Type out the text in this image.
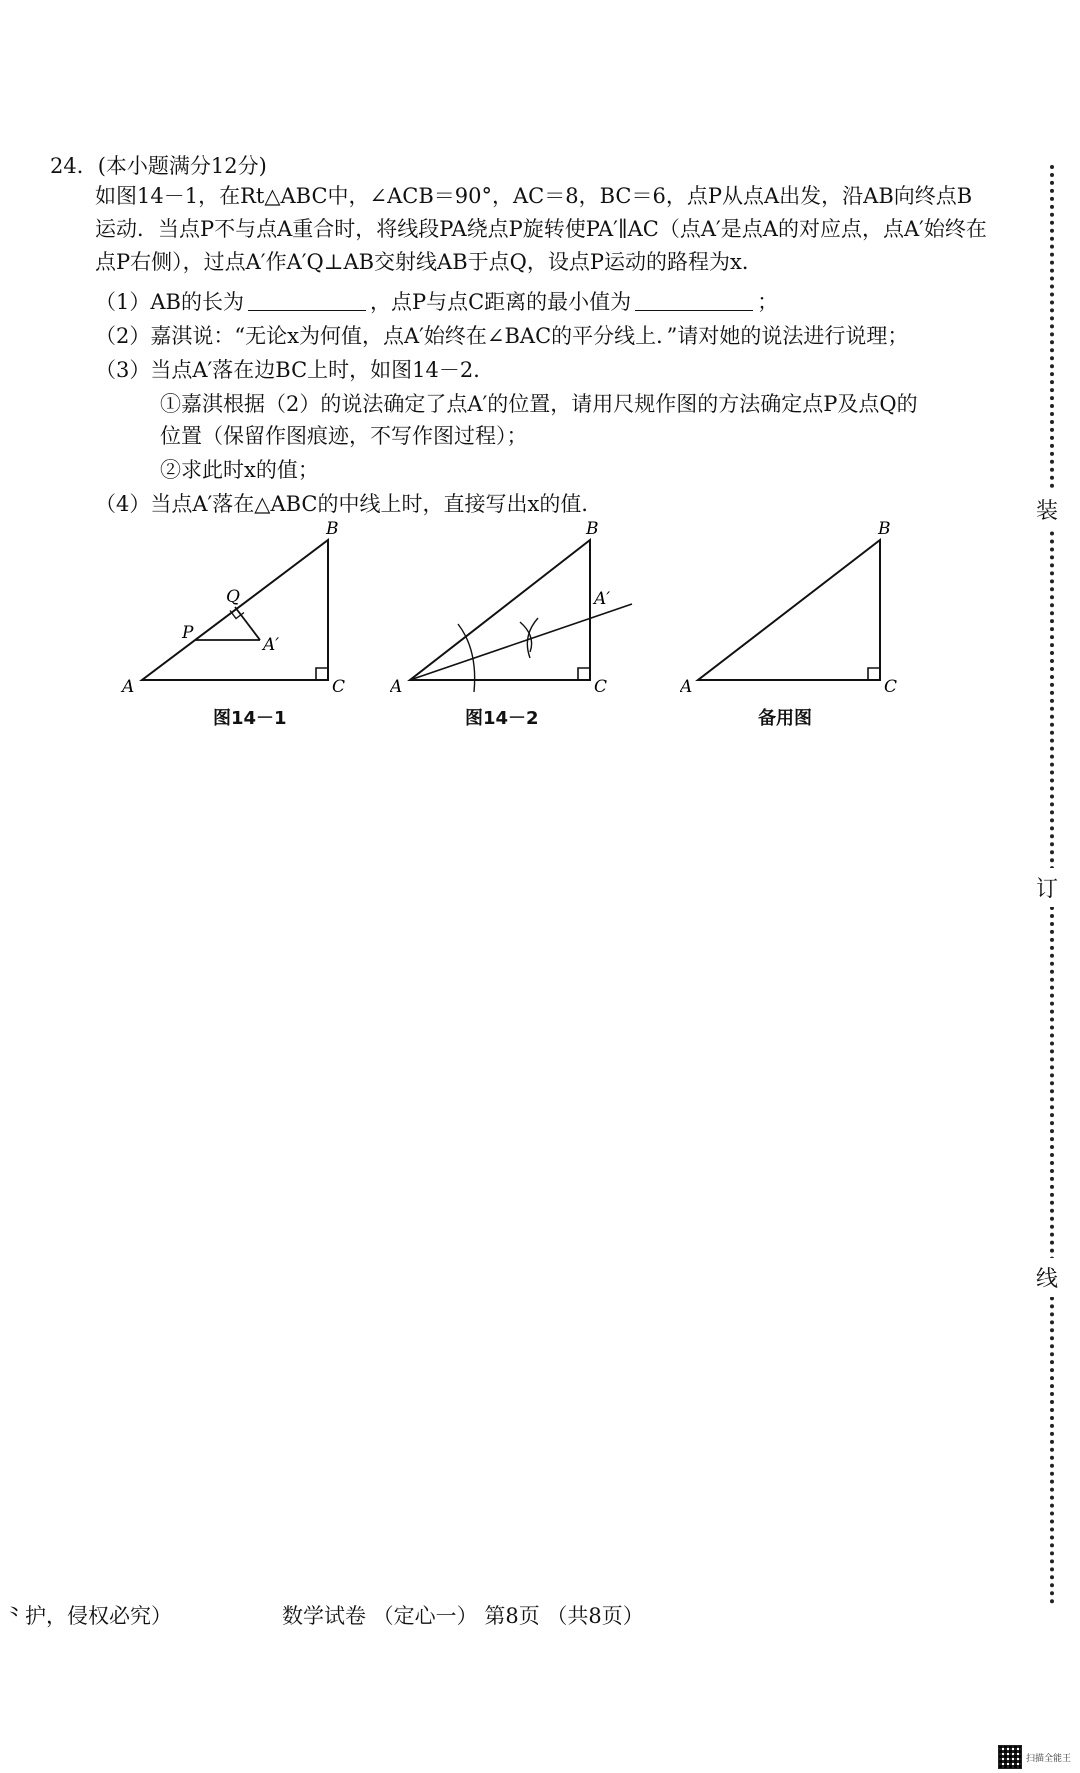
24．(本小题满分12分)
如图14－1，在Rt△ABC中，∠ACB＝90°，AC＝8，BC＝6，点P从点A出发，沿AB向终点B运动．当点P不与点A重合时，将线段PA绕点P旋转使PA′∥AC（点A′是点A的对应点，点A′始终在点P右侧），过点A′作A′Q⊥AB交射线AB于点Q，设点P运动的路程为x．
（1）AB的长为	，点P与点C距离的最小值为	；
（2）嘉淇说：“无论x为何值，点A′始终在∠BAC的平分线上．”请对她的说法进行说理；
（3）当点A′落在边BC上时，如图14－2．
①嘉淇根据（2）的说法确定了点A′的位置，请用尺规作图的方法确定点P及点Q的
位置（保留作图痕迹，不写作图过程）；
②求此时x的值；
（4）当点A′落在△ABC的中线上时，直接写出x的值．
A
B
C
P
Q
A′
图14－1
A
B
C
A′
图14－2
A
B
C
备用图
装
订
线
⺀护，侵权必究）	数学试卷 （定心一） 第8页 （共8页）
扫描全能王
